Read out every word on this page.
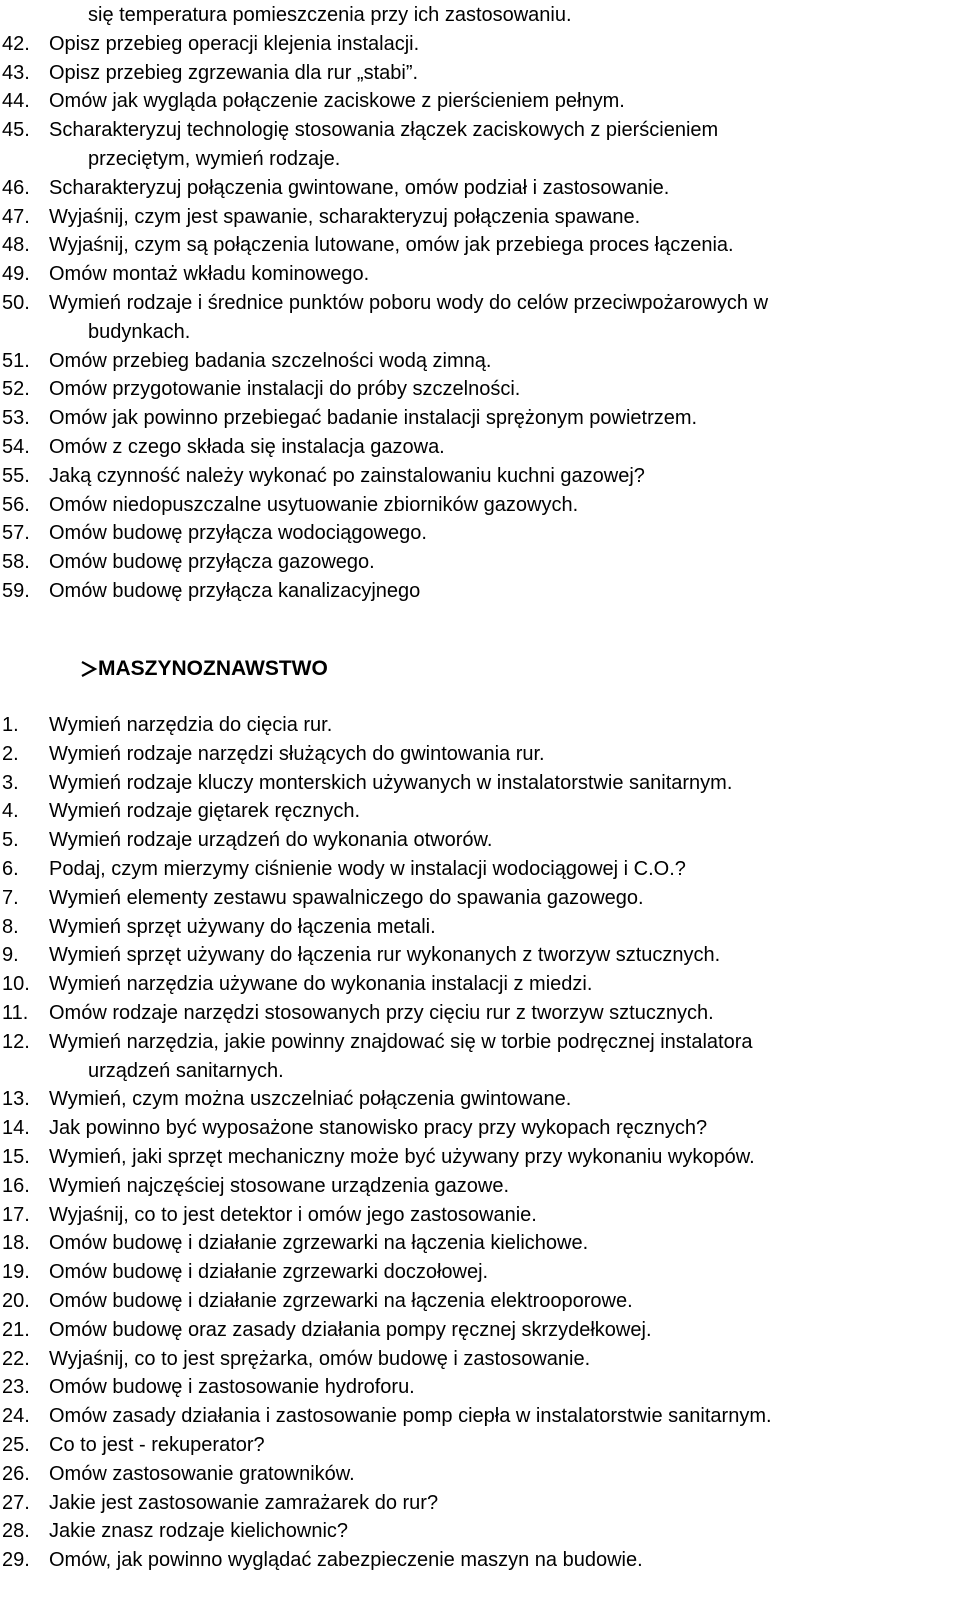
się temperatura pomieszczenia przy ich zastosowaniu.
42. Opisz przebieg operacji klejenia instalacji.
43. Opisz przebieg zgrzewania dla rur „stabi”.
44. Omów jak wygląda połączenie zaciskowe z pierścieniem pełnym.
45. Scharakteryzuj technologię stosowania złączek zaciskowych z pierścieniem
przeciętym, wymień rodzaje.
46. Scharakteryzuj połączenia gwintowane, omów podział i zastosowanie.
47. Wyjaśnij, czym jest spawanie, scharakteryzuj połączenia spawane.
48. Wyjaśnij, czym są połączenia lutowane, omów jak przebiega proces łączenia.
49. Omów montaż wkładu kominowego.
50. Wymień rodzaje i średnice punktów poboru wody do celów przeciwpożarowych w
budynkach.
51. Omów przebieg badania szczelności wodą zimną.
52. Omów przygotowanie instalacji do próby szczelności.
53. Omów jak powinno przebiegać badanie instalacji sprężonym powietrzem.
54. Omów z czego składa się instalacja gazowa.
55. Jaką czynność należy wykonać po zainstalowaniu kuchni gazowej?
56. Omów niedopuszczalne usytuowanie zbiorników gazowych.
57. Omów budowę przyłącza wodociągowego.
58. Omów budowę przyłącza gazowego.
59. Omów budowę przyłącza kanalizacyjnego
MASZYNOZNAWSTWO
1. Wymień narzędzia do cięcia rur.
2. Wymień rodzaje narzędzi służących do gwintowania rur.
3. Wymień rodzaje kluczy monterskich używanych w instalatorstwie sanitarnym.
4. Wymień rodzaje giętarek ręcznych.
5. Wymień rodzaje urządzeń do wykonania otworów.
6. Podaj, czym mierzymy ciśnienie wody w instalacji wodociągowej i C.O.?
7. Wymień elementy zestawu spawalniczego do spawania gazowego.
8. Wymień sprzęt używany do łączenia metali.
9. Wymień sprzęt używany do łączenia rur wykonanych z tworzyw sztucznych.
10. Wymień narzędzia używane do wykonania instalacji z miedzi.
11. Omów rodzaje narzędzi stosowanych przy cięciu rur z tworzyw sztucznych.
12. Wymień narzędzia, jakie powinny znajdować się w torbie podręcznej instalatora
urządzeń sanitarnych.
13. Wymień, czym można uszczelniać połączenia gwintowane.
14. Jak powinno być wyposażone stanowisko pracy przy wykopach ręcznych?
15. Wymień, jaki sprzęt mechaniczny może być używany przy wykonaniu wykopów.
16. Wymień najczęściej stosowane urządzenia gazowe.
17. Wyjaśnij, co to jest detektor i omów jego zastosowanie.
18. Omów budowę i działanie zgrzewarki na łączenia kielichowe.
19. Omów budowę i działanie zgrzewarki doczołowej.
20. Omów budowę i działanie zgrzewarki na łączenia elektrooporowe.
21. Omów budowę oraz zasady działania pompy ręcznej skrzydełkowej.
22. Wyjaśnij, co to jest sprężarka, omów budowę i zastosowanie.
23. Omów budowę i zastosowanie hydroforu.
24. Omów zasady działania i zastosowanie pomp ciepła w instalatorstwie sanitarnym.
25. Co to jest - rekuperator?
26. Omów zastosowanie gratowników.
27. Jakie jest zastosowanie zamrażarek do rur?
28. Jakie znasz rodzaje kielichownic?
29. Omów, jak powinno wyglądać zabezpieczenie maszyn na budowie.
